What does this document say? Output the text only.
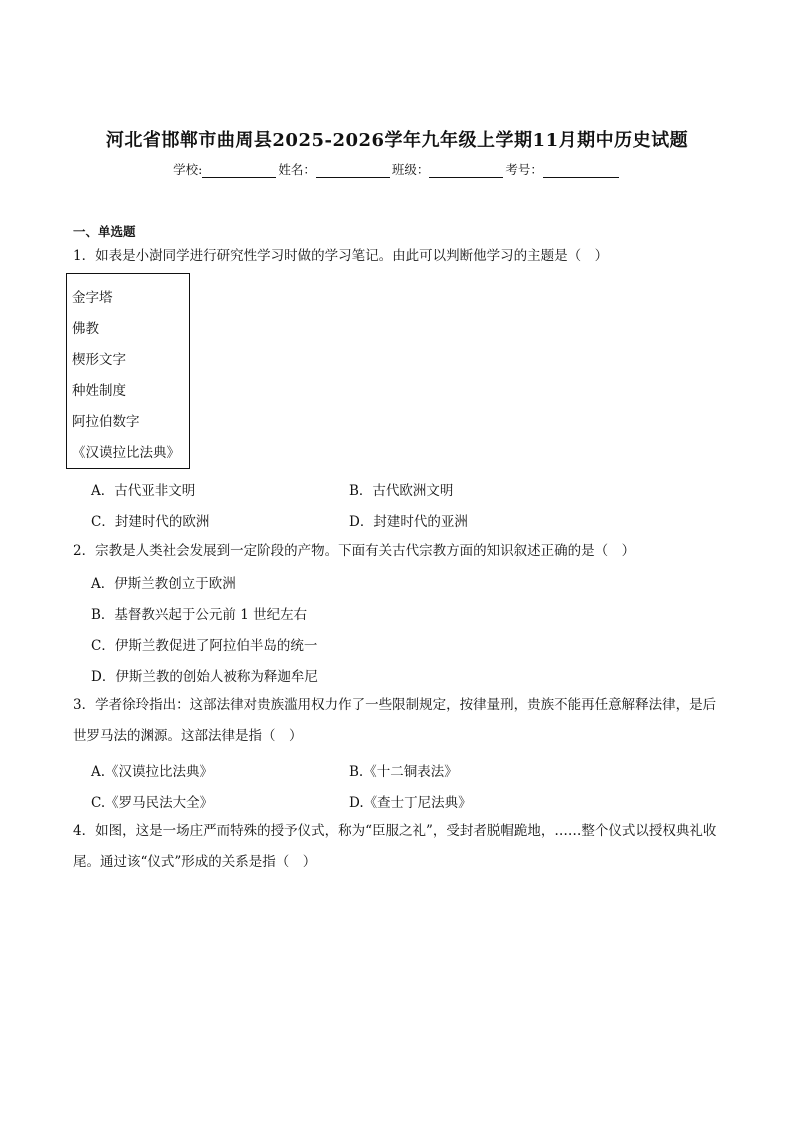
河北省邯郸市曲周县2025-2026学年九年级上学期11月期中历史试题
学校:	姓名：	班级：	考号：
一、单选题
1．如表是小澍同学进行研究性学习时做的学习笔记。由此可以判断他学习的主题是（　）
金字塔
佛教
楔形文字
种姓制度
阿拉伯数字
《汉谟拉比法典》
A．古代亚非文明	B．古代欧洲文明
C．封建时代的欧洲	D．封建时代的亚洲
2．宗教是人类社会发展到一定阶段的产物。下面有关古代宗教方面的知识叙述正确的是（　）
A．伊斯兰教创立于欧洲
B．基督教兴起于公元前 1 世纪左右
C．伊斯兰教促进了阿拉伯半岛的统一
D．伊斯兰教的创始人被称为释迦牟尼
3．学者徐玲指出：这部法律对贵族滥用权力作了一些限制规定，按律量刑，贵族不能再任意解释法律，是后世罗马法的渊源。这部法律是指（　）
A.《汉谟拉比法典》	B.《十二铜表法》
C.《罗马民法大全》	D.《查士丁尼法典》
4．如图，这是一场庄严而特殊的授予仪式，称为“臣服之礼”，受封者脱帽跪地，……整个仪式以授权典礼收尾。通过该“仪式”形成的关系是指（　）
